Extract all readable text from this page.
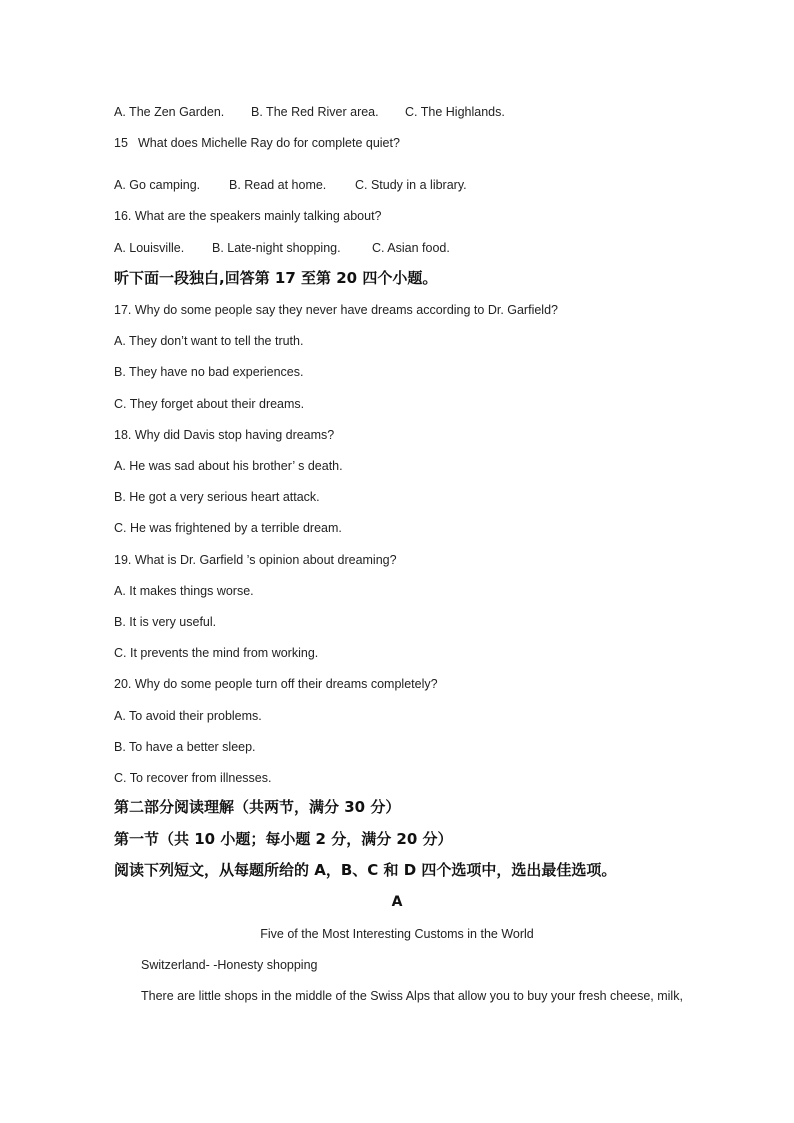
A. The Zen Garden. B. The Red River area. C. The Highlands.
15 What does Michelle Ray do for complete quiet?
A. Go camping. B. Read at home. C. Study in a library.
16. What are the speakers mainly talking about?
A. Louisville. B. Late-night shopping.	C. Asian food.
听下面一段独白,回答第 17 至第 20 四个小题。
17. Why do some people say they never have dreams according to Dr. Garfield?
A. They don’t want to tell the truth.
B. They have no bad experiences.
C. They forget about their dreams.
18. Why did Davis stop having dreams?
A. He was sad about his brother’ s death.
B. He got a very serious heart attack.
C. He was frightened by a terrible dream.
19. What is Dr. Garfield ’s opinion about dreaming?
A. It makes things worse.
B. It is very useful.
C. It prevents the mind from working.
20. Why do some people turn off their dreams completely?
A. To avoid their problems.
B. To have a better sleep.
C. To recover from illnesses.
第二部分阅读理解（共两节，满分 30 分）
第一节（共 10 小题；每小题 2 分，满分 20 分）
阅读下列短文，从每题所给的 A，B、C 和 D 四个选项中，选出最佳选项。
A
Five of the Most Interesting Customs in the World
Switzerland- -Honesty shopping
There are little shops in the middle of the Swiss Alps that allow you to buy your fresh cheese, milk,
